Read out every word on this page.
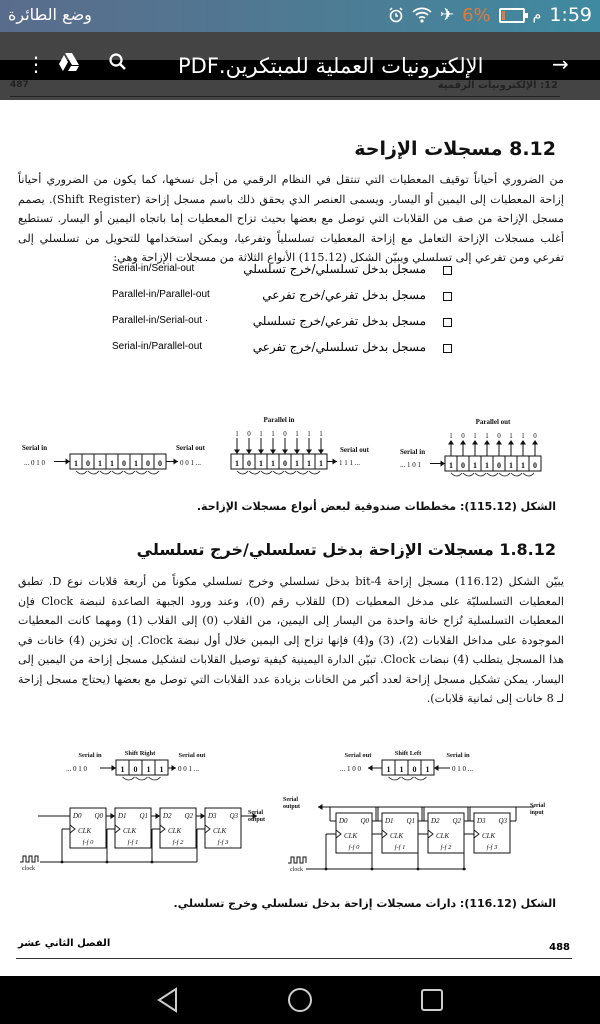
وضع الطائرة	✈ 6%	م 1:59
⋮	الإلكترونيات العملية للمبتكرين.PDF	→
487	12: الإلكترونيات الرقمية
8.12 مسجلات الإزاحة
من الضروري أحياناً توقيف المعطيات التي تنتقل في النظام الرقمي من أجل نسخها، كما يكون من الضروري أحياناً إزاحة المعطيات إلى اليمين أو اليسار. ويسمى العنصر الذي يحقق ذلك باسم مسجل إزاحة (Shift Register). يصمم مسجل الإزاحة من صف من القلابات التي توصل مع بعضها بحيث تزاح المعطيات إما باتجاه اليمين أو اليسار. تستطيع أغلب مسجلات الإزاحة التعامل مع إزاحة المعطيات تسلسلياً وتفرعيا، ويمكن استخدامها للتحويل من تسلسلي إلى تفرعي ومن تفرعي إلى تسلسلي ويبيّن الشكل (115.12) الأنواع الثلاثة من مسجلات الإزاحة وهي:
مسجل بدخل تسلسلي/خرج تسلسلي
Serial-in/Serial-out
مسجل بدخل تفرعي/خرج تفرعي
Parallel-in/Parallel-out
مسجل بدخل تفرعي/خرج تسلسلي
Parallel-in/Serial-out ·
مسجل بدخل تسلسلي/خرج تفرعي
Serial-in/Parallel-out
Serial in
... 0 1 0	1 0 1 1 0 1 0 0
Serial out
0 0 1 ...
Parallel in
1 0 1 1 0 1 1 1
1 0 1 1 0 1 1 1
Serial out
1 1 1 ...
Parallel out
1 0 1 1 0 1 1 0
Serial in
... 1 0 1	1 0 1 1 0 1 1 0
الشكل (115.12): مخططات صندوقية لبعض أنواع مسجلات الإزاحة.
1.8.12 مسجلات الإزاحة بدخل تسلسلي/خرج تسلسلي
يبيّن الشكل (116.12) مسجل إزاحة 4-bit بدخل تسلسلي وخرج تسلسلي مكوناً من أربعة قلابات نوع D. تطبق المعطيات التسلسليّة على مدخل المعطيات (D) للقلاب رقم (0)، وعند ورود الجبهة الصاعدة لنبضة Clock فإن المعطيات التسلسلية تُزاح خانة واحدة من اليسار إلى اليمين، من القلاب (0) إلى القلاب (1) ومهما كانت المعطيات الموجودة على مداخل القلابات (2)، (3) و(4) فإنها تزاح إلى اليمين خلال أول نبضة Clock. إن تخزين (4) خانات في هذا المسجل يتطلب (4) نبضات Clock. تبيّن الدارة اليمينية كيفية توصيل القلابات لتشكيل مسجل إزاحة من اليمين إلى اليسار. يمكن تشكيل مسجل إزاحة لعدد أكبر من الخانات بزيادة عدد القلابات التي توصل مع بعضها (يحتاج مسجل إزاحة لـ 8 خانات إلى ثمانية قلابات).
Serial in	Shift Right	Serial out
... 0 1 0	1 0 1 1 0 0 1 ...
D0 Q0
CLK
f-f 0
D1 Q1
CLK
f-f 1
D2 Q2
CLK
f-f 2
D3 Q3
CLK
f-f 3
Serial
output
clock
Serial out	Shift Left	Serial in
... 1 0 0	1 1 0 1	0 1 0 ...
D0 Q0
CLK
f-f 0
D1 Q1
CLK
f-f 1
D2 Q2
CLK
f-f 2
D3 Q3
CLK
f-f 3
Serial
output	Serial
input
clock
الشكل (116.12): دارات مسجلات إزاحة بدخل تسلسلي وخرج تسلسلي.
الفصل الثاني عشر	488
